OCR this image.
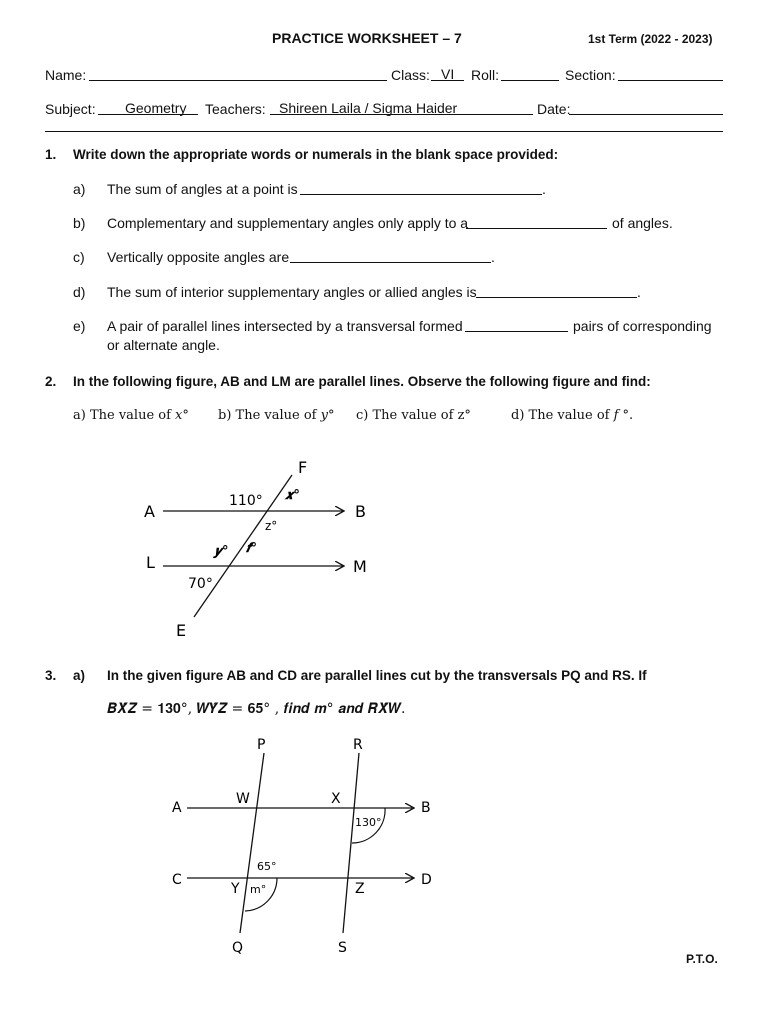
PRACTICE WORKSHEET – 7	1st Term (2022 - 2023)
Name:	Class: VI Roll:	Section:
Subject: Geometry Teachers: Shireen Laila / Sigma Haider	Date:
1. Write down the appropriate words or numerals in the blank space provided:
a) The sum of angles at a point is	.
b) Complementary and supplementary angles only apply to a	of angles.
c) Vertically opposite angles are	.
d) The sum of interior supplementary angles or allied angles is	.
e) A pair of parallel lines intersected by a transversal formed	pairs of corresponding
or alternate angle.
2. In the following figure, AB and LM are parallel lines. Observe the following figure and find:
a) The value of 𝑥° b) The value of 𝑦° c) The value of z°	d) The value of 𝑓 °.
A	B
L	M
E
F
110° 𝒙°
z°
𝒚° 𝒇°
70°
P	R
A
W	X
B
C
Y	Z
D
Q	S
130°
65°
m°
3. a) In the given figure AB and CD are parallel lines cut by the transversals PQ and RS. If
𝑩𝑿̂𝒁 = 𝟏𝟑𝟎°, 𝑾𝒀̂𝒁 = 𝟔𝟓° , 𝒇𝒊𝒏𝒅 𝒎° 𝒂𝒏𝒅 𝑹𝑿̂𝑾.
P.T.O.
